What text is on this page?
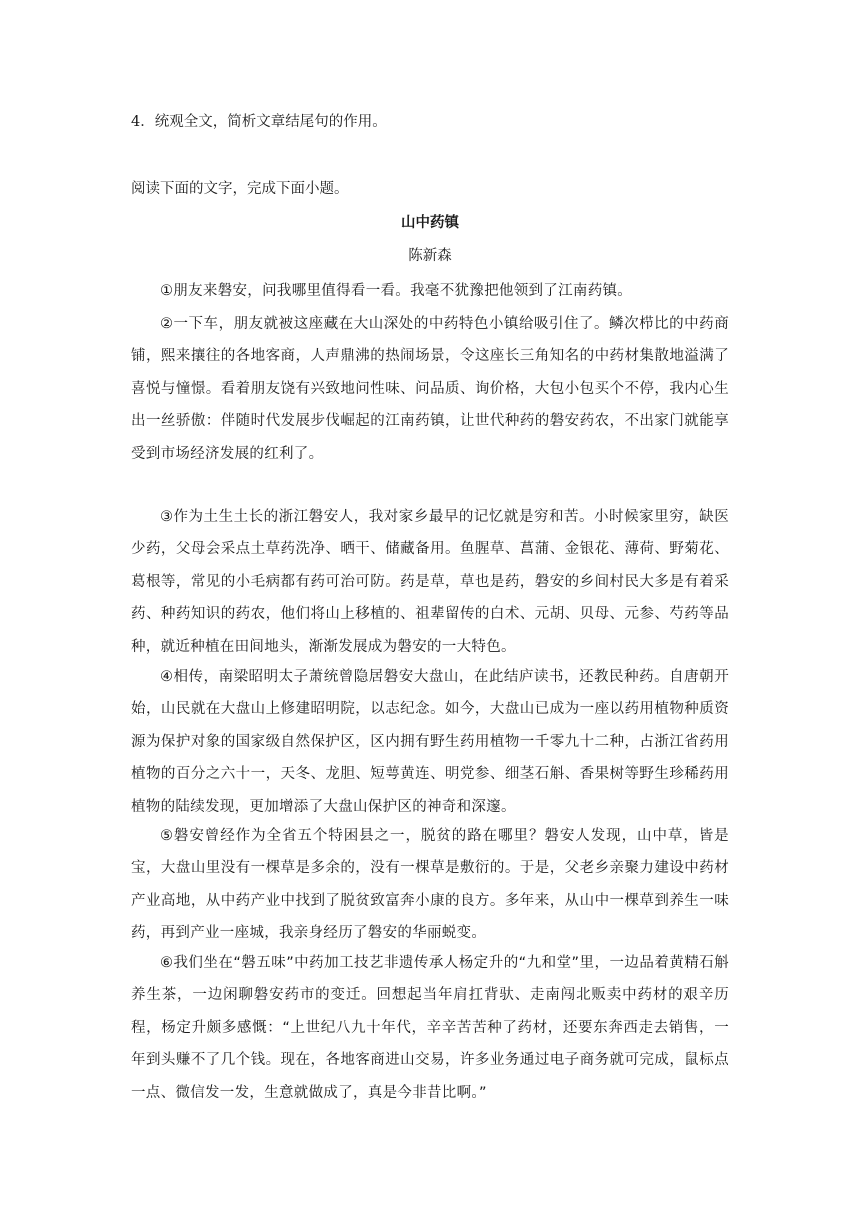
4．统观全文，简析文章结尾句的作用。
阅读下面的文字，完成下面小题。
山中药镇
陈新森

①朋友来磐安，问我哪里值得看一看。我毫不犹豫把他领到了江南药镇。

②一下车，朋友就被这座藏在大山深处的中药特色小镇给吸引住了。鳞次栉比的中药商铺，熙来攘往的各地客商，人声鼎沸的热闹场景，令这座长三角知名的中药材集散地溢满了喜悦与憧憬。看着朋友饶有兴致地问性味、问品质、询价格，大包小包买个不停，我内心生出一丝骄傲：伴随时代发展步伐崛起的江南药镇，让世代种药的磐安药农，不出家门就能享受到市场经济发展的红利了。

③作为土生土长的浙江磐安人，我对家乡最早的记忆就是穷和苦。小时候家里穷，缺医少药，父母会采点土草药洗净、晒干、储藏备用。鱼腥草、菖蒲、金银花、薄荷、野菊花、葛根等，常见的小毛病都有药可治可防。药是草，草也是药，磐安的乡间村民大多是有着采药、种药知识的药农，他们将山上移植的、祖辈留传的白术、元胡、贝母、元参、芍药等品种，就近种植在田间地头，渐渐发展成为磐安的一大特色。

④相传，南梁昭明太子萧统曾隐居磐安大盘山，在此结庐读书，还教民种药。自唐朝开始，山民就在大盘山上修建昭明院，以志纪念。如今，大盘山已成为一座以药用植物种质资源为保护对象的国家级自然保护区，区内拥有野生药用植物一千零九十二种，占浙江省药用植物的百分之六十一，天冬、龙胆、短萼黄连、明党参、细茎石斛、香果树等野生珍稀药用植物的陆续发现，更加增添了大盘山保护区的神奇和深邃。

⑤磐安曾经作为全省五个特困县之一，脱贫的路在哪里？磐安人发现，山中草，皆是宝，大盘山里没有一棵草是多余的，没有一棵草是敷衍的。于是，父老乡亲聚力建设中药材产业高地，从中药产业中找到了脱贫致富奔小康的良方。多年来，从山中一棵草到养生一味药，再到产业一座城，我亲身经历了磐安的华丽蜕变。

⑥我们坐在“磐五味”中药加工技艺非遗传承人杨定升的“九和堂”里，一边品着黄精石斛养生茶，一边闲聊磐安药市的变迁。回想起当年肩扛背驮、走南闯北贩卖中药材的艰辛历程，杨定升颇多感慨：“上世纪八九十年代，辛辛苦苦种了药材，还要东奔西走去销售，一年到头赚不了几个钱。现在，各地客商进山交易，许多业务通过电子商务就可完成，鼠标点一点、微信发一发，生意就做成了，真是今非昔比啊。”
